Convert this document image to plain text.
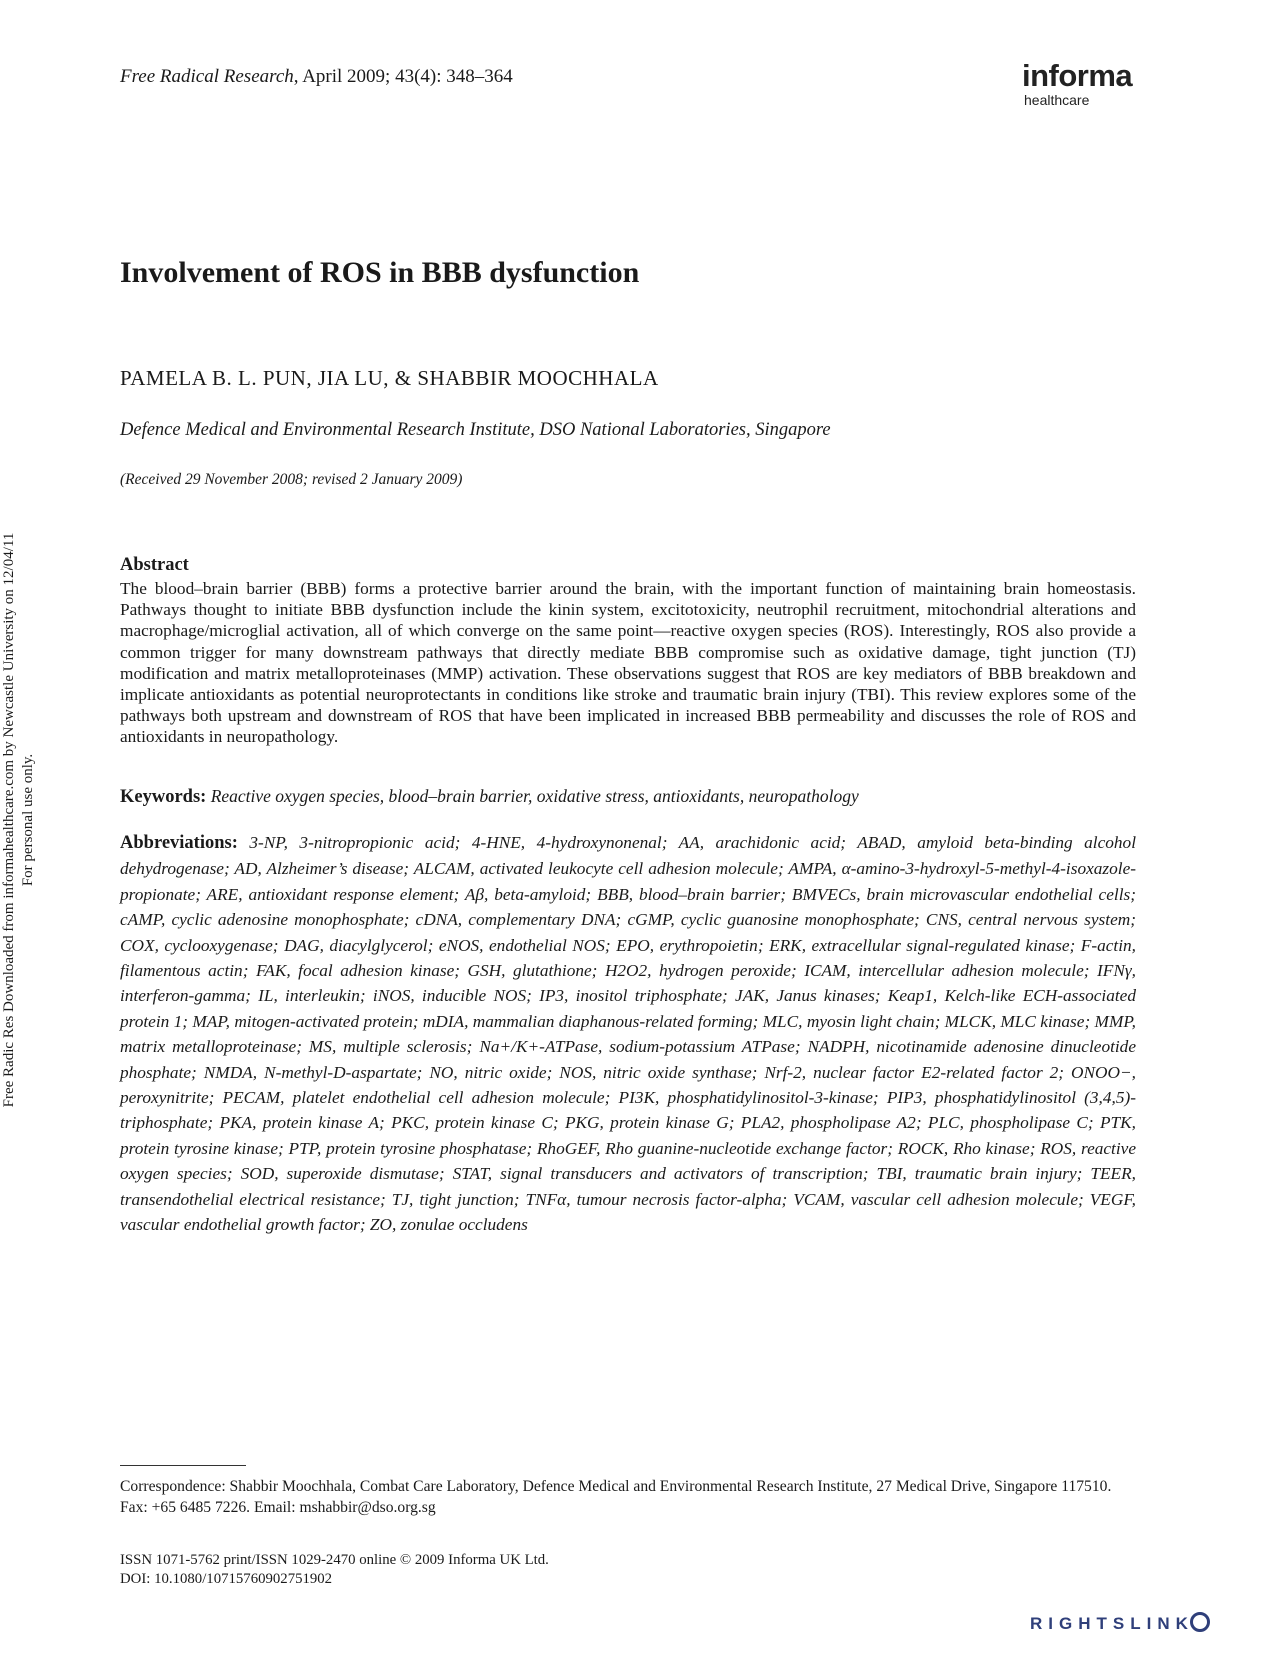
Free Radic Res Downloaded from informahealthcare.com by Newcastle University on 12/04/11 For personal use only.
Free Radical Research, April 2009; 43(4): 348–364	informa
healthcare
Involvement of ROS in BBB dysfunction
PAMELA B. L. PUN, JIA LU, & SHABBIR MOOCHHALA
Defence Medical and Environmental Research Institute, DSO National Laboratories, Singapore
(Received 29 November 2008; revised 2 January 2009)
Abstract

The blood–brain barrier (BBB) forms a protective barrier around the brain, with the important function of maintaining brain homeostasis. Pathways thought to initiate BBB dysfunction include the kinin system, excitotoxicity, neutrophil recruitment, mitochondrial alterations and macrophage/microglial activation, all of which converge on the same point—reactive oxygen species (ROS). Interestingly, ROS also provide a common trigger for many downstream pathways that directly mediate BBB compromise such as oxidative damage, tight junction (TJ) modification and matrix metalloproteinases (MMP) activation. These observations suggest that ROS are key mediators of BBB breakdown and implicate antioxidants as potential neuroprotectants in conditions like stroke and traumatic brain injury (TBI). This review explores some of the pathways both upstream and downstream of ROS that have been implicated in increased BBB permeability and discusses the role of ROS and antioxidants in neuropathology.

Keywords: Reactive oxygen species, blood–brain barrier, oxidative stress, antioxidants, neuropathology

Abbreviations: 3-NP, 3-nitropropionic acid; 4-HNE, 4-hydroxynonenal; AA, arachidonic acid; ABAD, amyloid beta-binding alcohol dehydrogenase; AD, Alzheimer’s disease; ALCAM, activated leukocyte cell adhesion molecule; AMPA, α-amino-3-hydroxyl-5-methyl-4-isoxazole-propionate; ARE, antioxidant response element; Aβ, beta-amyloid; BBB, blood–brain barrier; BMVECs, brain microvascular endothelial cells; cAMP, cyclic adenosine monophosphate; cDNA, complementary DNA; cGMP, cyclic guanosine monophosphate; CNS, central nervous system; COX, cyclooxygenase; DAG, diacylglycerol; eNOS, endothelial NOS; EPO, erythropoietin; ERK, extracellular signal-regulated kinase; F-actin, filamentous actin; FAK, focal adhesion kinase; GSH, glutathione; H2O2, hydrogen peroxide; ICAM, intercellular adhesion molecule; IFNγ, interferon-gamma; IL, interleukin; iNOS, inducible NOS; IP3, inositol triphosphate; JAK, Janus kinases; Keap1, Kelch-like ECH-associated protein 1; MAP, mitogen-activated protein; mDIA, mammalian diaphanous-related forming; MLC, myosin light chain; MLCK, MLC kinase; MMP, matrix metalloproteinase; MS, multiple sclerosis; Na+/K+-ATPase, sodium-potassium ATPase; NADPH, nicotinamide adenosine dinucleotide phosphate; NMDA, N-methyl-D-aspartate; NO, nitric oxide; NOS, nitric oxide synthase; Nrf-2, nuclear factor E2-related factor 2; ONOO−, peroxynitrite; PECAM, platelet endothelial cell adhesion molecule; PI3K, phosphatidylinositol-3-kinase; PIP3, phosphatidylinositol (3,4,5)-triphosphate; PKA, protein kinase A; PKC, protein kinase C; PKG, protein kinase G; PLA2, phospholipase A2; PLC, phospholipase C; PTK, protein tyrosine kinase; PTP, protein tyrosine phosphatase; RhoGEF, Rho guanine-nucleotide exchange factor; ROCK, Rho kinase; ROS, reactive oxygen species; SOD, superoxide dismutase; STAT, signal transducers and activators of transcription; TBI, traumatic brain injury; TEER, transendothelial electrical resistance; TJ, tight junction; TNFα, tumour necrosis factor-alpha; VCAM, vascular cell adhesion molecule; VEGF, vascular endothelial growth factor; ZO, zonulae occludens

Correspondence: Shabbir Moochhala, Combat Care Laboratory, Defence Medical and Environmental Research Institute, 27 Medical Drive, Singapore 117510. Fax: +65 6485 7226. Email: mshabbir@dso.org.sg

ISSN 1071-5762 print/ISSN 1029-2470 online © 2009 Informa UK Ltd.
DOI: 10.1080/10715760902751902
RIGHTSLINK
